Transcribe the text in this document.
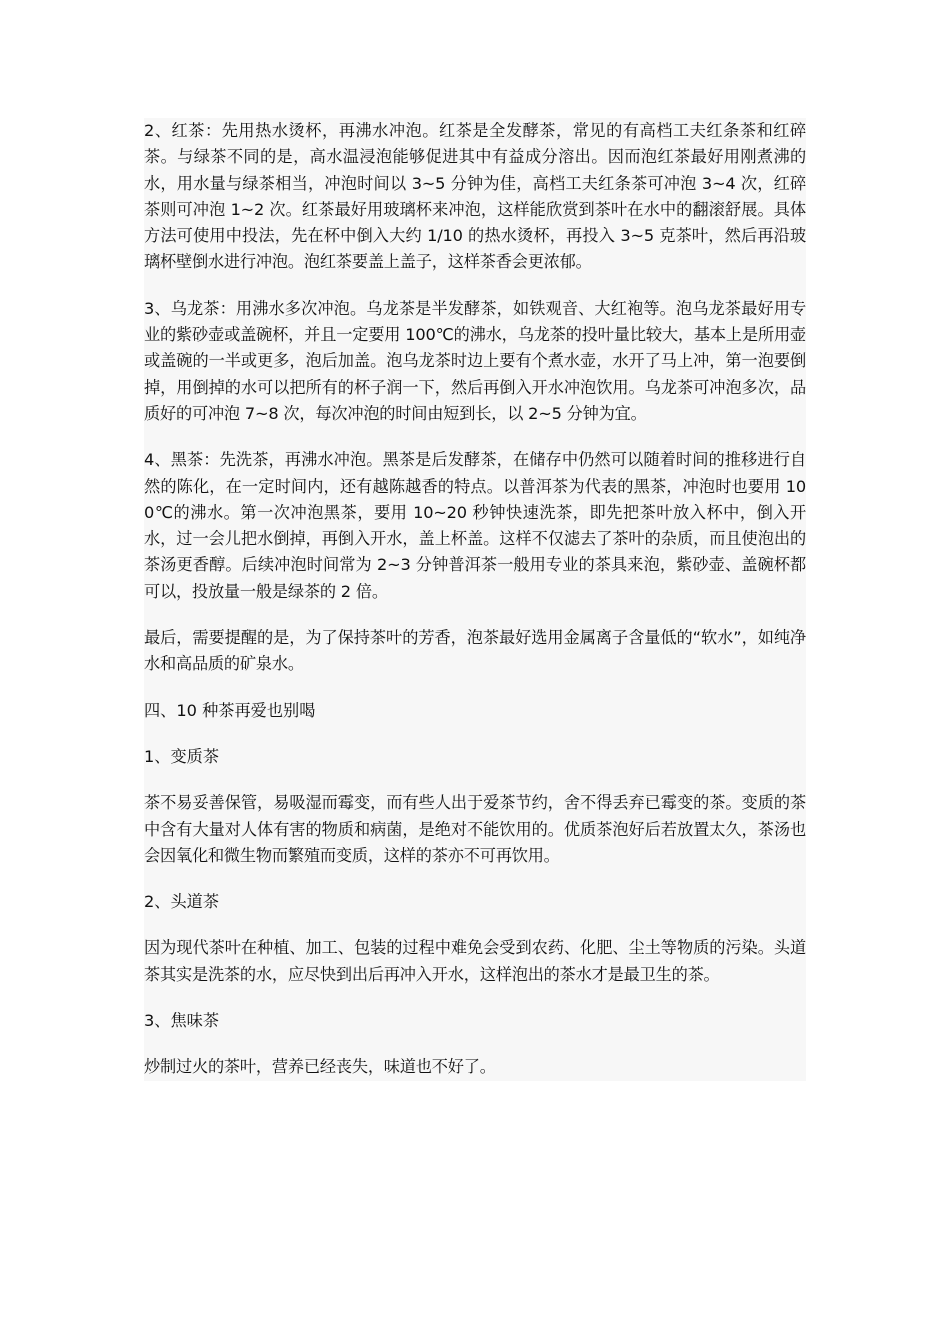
2、红茶：先用热水烫杯，再沸水冲泡。红茶是全发酵茶，常见的有高档工夫红条茶和红碎茶。与绿茶不同的是，高水温浸泡能够促进其中有益成分溶出。因而泡红茶最好用刚煮沸的水，用水量与绿茶相当，冲泡时间以 3~5 分钟为佳，高档工夫红条茶可冲泡 3~4 次，红碎茶则可冲泡 1~2 次。红茶最好用玻璃杯来冲泡，这样能欣赏到茶叶在水中的翻滚舒展。具体方法可使用中投法，先在杯中倒入大约 1/10 的热水烫杯，再投入 3~5 克茶叶，然后再沿玻璃杯壁倒水进行冲泡。泡红茶要盖上盖子，这样茶香会更浓郁。

3、乌龙茶：用沸水多次冲泡。乌龙茶是半发酵茶，如铁观音、大红袍等。泡乌龙茶最好用专业的紫砂壶或盖碗杯，并且一定要用 100℃的沸水，乌龙茶的投叶量比较大，基本上是所用壶或盖碗的一半或更多，泡后加盖。泡乌龙茶时边上要有个煮水壶，水开了马上冲，第一泡要倒掉，用倒掉的水可以把所有的杯子润一下，然后再倒入开水冲泡饮用。乌龙茶可冲泡多次，品质好的可冲泡 7~8 次，每次冲泡的时间由短到长，以 2~5 分钟为宜。

4、黑茶：先洗茶，再沸水冲泡。黑茶是后发酵茶，在储存中仍然可以随着时间的推移进行自然的陈化，在一定时间内，还有越陈越香的特点。以普洱茶为代表的黑茶，冲泡时也要用 100℃的沸水。第一次冲泡黑茶，要用 10~20 秒钟快速洗茶，即先把茶叶放入杯中，倒入开水，过一会儿把水倒掉，再倒入开水，盖上杯盖。这样不仅滤去了茶叶的杂质，而且使泡出的茶汤更香醇。后续冲泡时间常为 2~3 分钟普洱茶一般用专业的茶具来泡，紫砂壶、盖碗杯都可以，投放量一般是绿茶的 2 倍。

最后，需要提醒的是，为了保持茶叶的芳香，泡茶最好选用金属离子含量低的“软水”，如纯净水和高品质的矿泉水。

四、10 种茶再爱也别喝

1、变质茶

茶不易妥善保管，易吸湿而霉变，而有些人出于爱茶节约，舍不得丢弃已霉变的茶。变质的茶中含有大量对人体有害的物质和病菌，是绝对不能饮用的。优质茶泡好后若放置太久，茶汤也会因氧化和微生物而繁殖而变质，这样的茶亦不可再饮用。

2、头道茶

因为现代茶叶在种植、加工、包装的过程中难免会受到农药、化肥、尘土等物质的污染。头道茶其实是洗茶的水，应尽快到出后再冲入开水，这样泡出的茶水才是最卫生的茶。

3、焦味茶

炒制过火的茶叶，营养已经丧失，味道也不好了。
